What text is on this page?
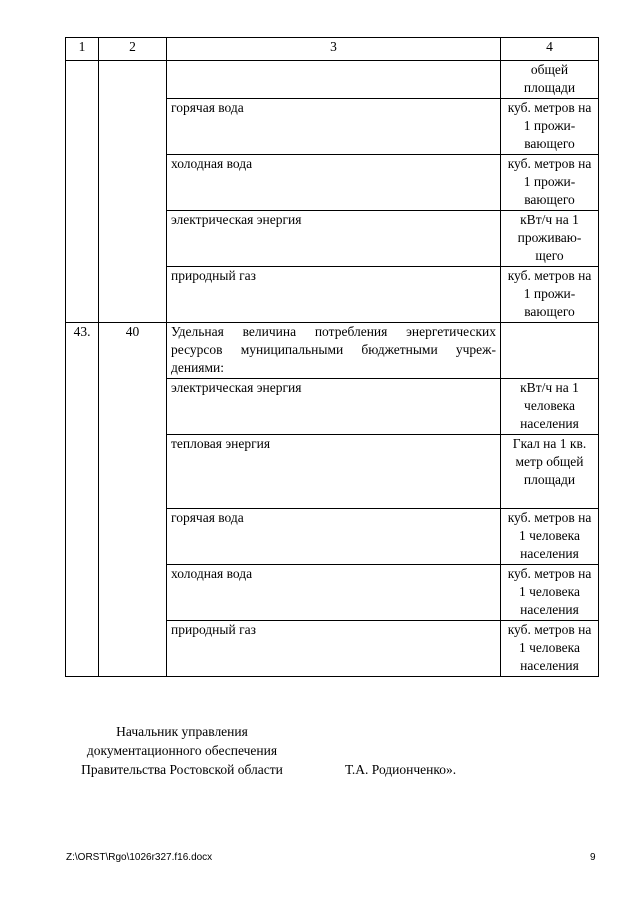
1	2	3	4
			общей площади
		горячая вода	куб. метров на 1 прожи-вающего
		холодная вода	куб. метров на 1 прожи-вающего
		электрическая энергия	кВт/ч на 1 проживаю-щего
		природный газ	куб. метров на 1 прожи-вающего
43.	40	Удельная величина потребления энергетических ресурсов муниципальными бюджетными учреж-дениями:	
		электрическая энергия	кВт/ч на 1 человека населения
		тепловая энергия	Гкал на 1 кв. метр общей площади
		горячая вода	куб. метров на 1 человека населения
		холодная вода	куб. метров на 1 человека населения
		природный газ	куб. метров на 1 человека населения
Начальник управления
документационного обеспечения
Правительства Ростовской области	Т.А. Родионченко».
Z:\ORST\Rgo\1026r327.f16.docx	9
